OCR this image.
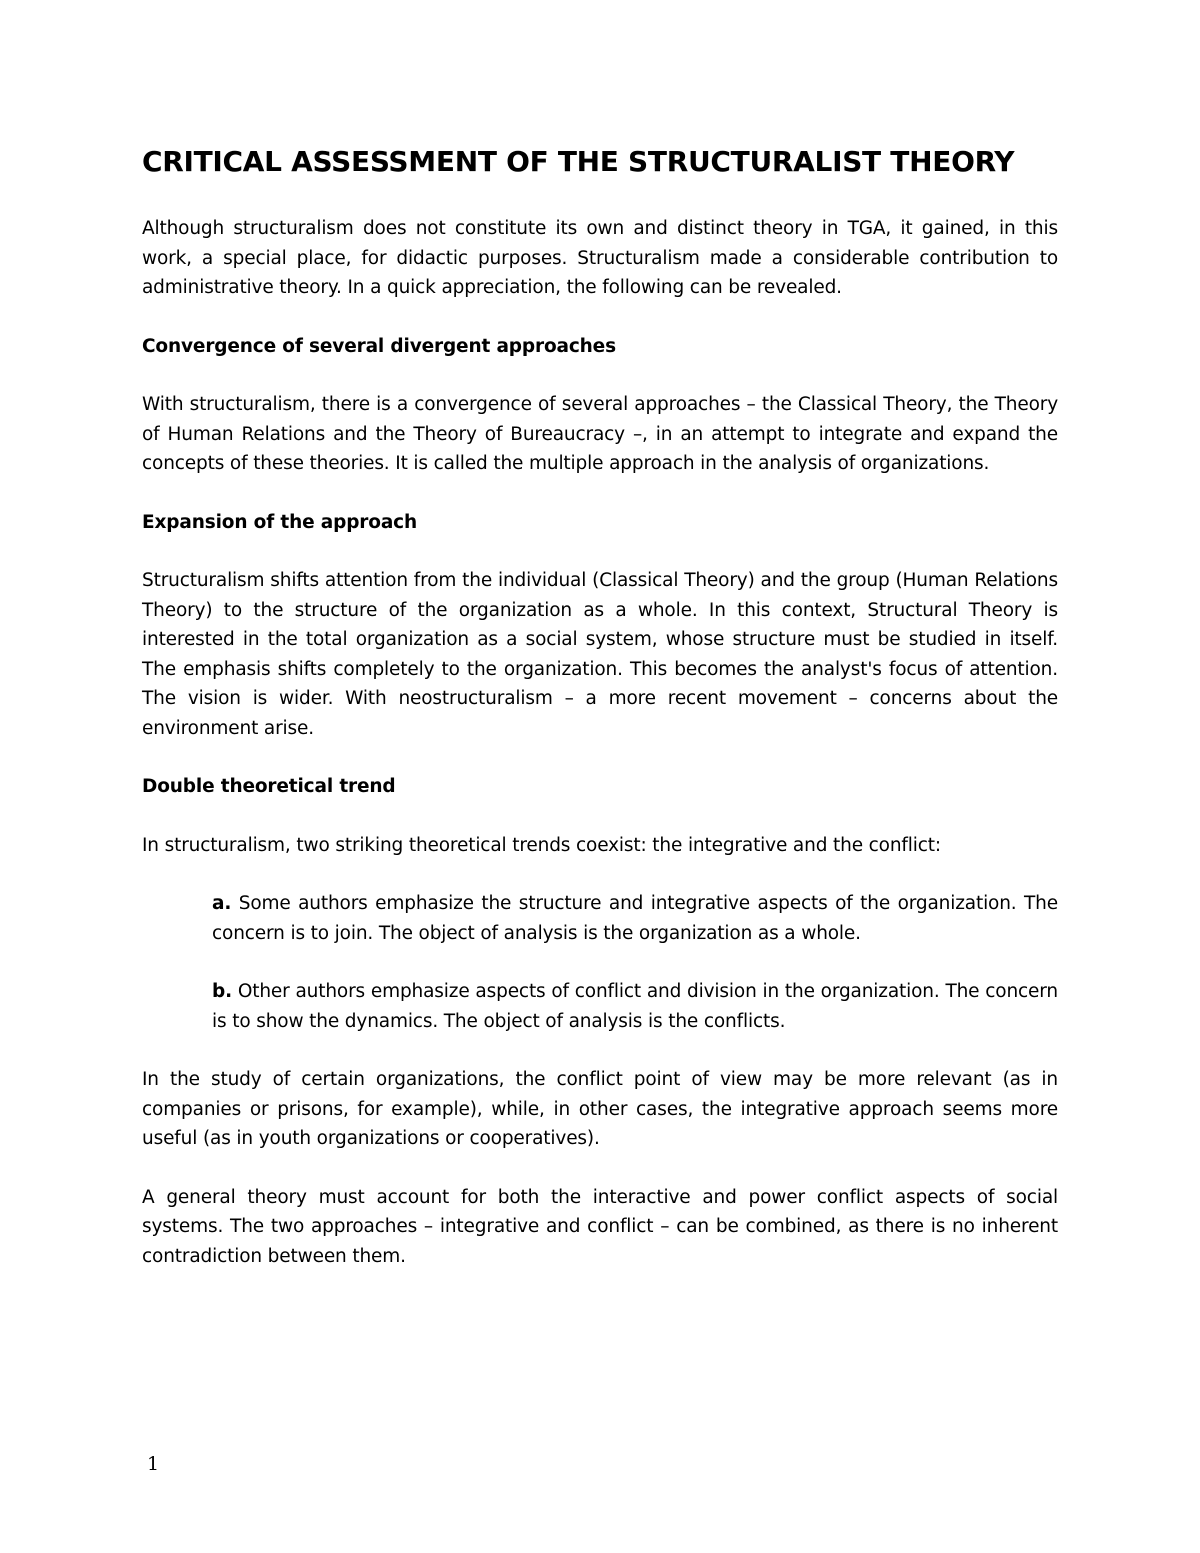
CRITICAL ASSESSMENT OF THE STRUCTURALIST THEORY

Although structuralism does not constitute its own and distinct theory in TGA, it gained, in this work, a special place, for didactic purposes. Structuralism made a considerable contribution to administrative theory. In a quick appreciation, the following can be revealed.

Convergence of several divergent approaches

With structuralism, there is a convergence of several approaches – the Classical Theory, the Theory of Human Relations and the Theory of Bureaucracy –, in an attempt to integrate and expand the concepts of these theories. It is called the multiple approach in the analysis of organizations.

Expansion of the approach

Structuralism shifts attention from the individual (Classical Theory) and the group (Human Relations Theory) to the structure of the organization as a whole. In this context, Structural Theory is interested in the total organization as a social system, whose structure must be studied in itself. The emphasis shifts completely to the organization. This becomes the analyst's focus of attention. The vision is wider. With neostructuralism – a more recent movement – concerns about the environment arise.

Double theoretical trend

In structuralism, two striking theoretical trends coexist: the integrative and the conflict:

a. Some authors emphasize the structure and integrative aspects of the organization. The concern is to join. The object of analysis is the organization as a whole.

b. Other authors emphasize aspects of conflict and division in the organization. The concern is to show the dynamics. The object of analysis is the conflicts.

In the study of certain organizations, the conflict point of view may be more relevant (as in companies or prisons, for example), while, in other cases, the integrative approach seems more useful (as in youth organizations or cooperatives).

A general theory must account for both the interactive and power conflict aspects of social systems. The two approaches – integrative and conflict – can be combined, as there is no inherent contradiction between them.

1
